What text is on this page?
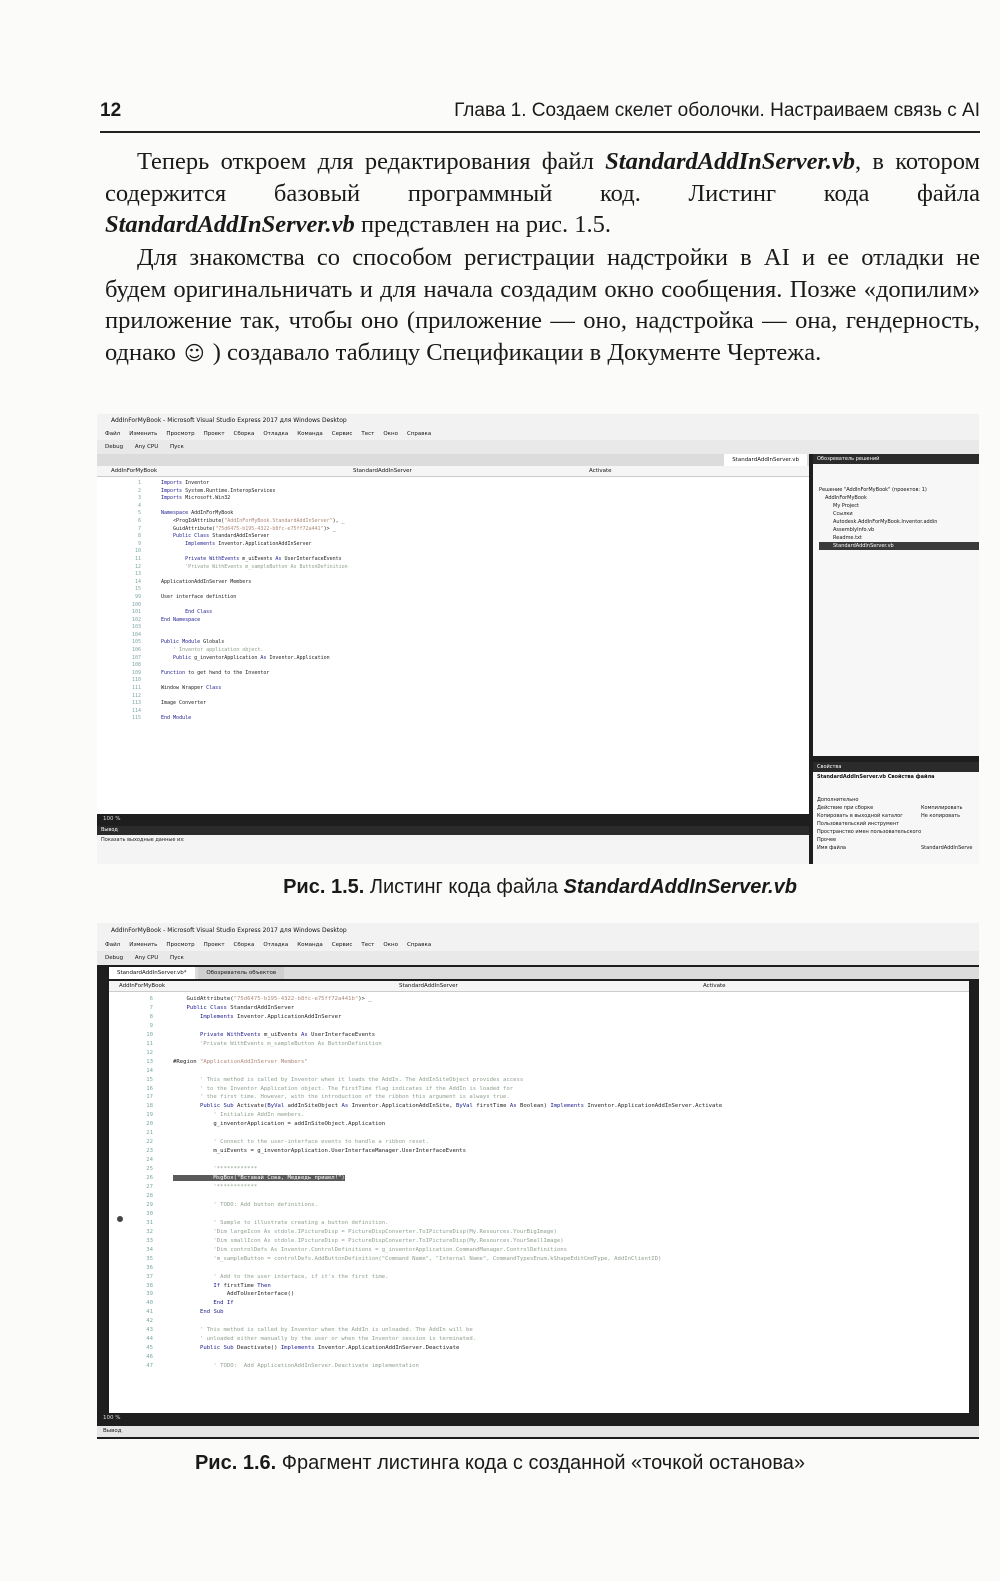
12	Глава 1. Создаем скелет оболочки. Настраиваем связь с AI

Теперь откроем для редактирования файл StandardAddInServer.vb, в котором содержится базовый программный код. Листинг кода файла StandardAddInServer.vb представлен на рис. 1.5.

Для знакомства со способом регистрации надстройки в AI и ее отладки не будем оригинальничать и для начала создадим окно сообщения. Позже «допилим» приложение так, чтобы оно (приложение — оно, надстройка — она, гендерность, однако ☺ ) создавало таблицу Спецификации в Документе Чертежа.

AddInForMyBook - Microsoft Visual Studio Express 2017 для Windows Desktop
Файл Изменить Просмотр Проект Сборка Отладка Команда Сервис Тест Окно Справка
Debug Any CPU Пуск
StandardAddInServer.vb
AddInForMyBook	StandardAddInServer	Activate
1	Imports Inventor
2	Imports System.Runtime.InteropServices
3	Imports Microsoft.Win32
4
5	Namespace AddInForMyBook
6	<ProgIdAttribute("AddInForMyBook.StandardAddInServer"), _
7	GuidAttribute("75d6475-b195-4322-b8fc-e75ff72a441")> _
8	Public Class StandardAddInServer
9	Implements Inventor.ApplicationAddInServer
10
11	Private WithEvents m_uiEvents As UserInterfaceEvents
12	'Private WithEvents m_sampleButton As ButtonDefinition
13
14	ApplicationAddInServer Members
15
99	User interface definition
100
101	End Class
102	End Namespace
103
104
105	Public Module Globals
106	' Inventor application object.
107	Public g_inventorApplication As Inventor.Application
108
109	Function to get hwnd to the Inventor
110
111	Window Wrapper Class
112
113	Image Converter
114
115	End Module
100 %
Вывод
Показать выходные данные из:
Обозреватель решений
Решение "AddInForMyBook" (проектов: 1)
AddInForMyBook
My Project
Ссылки
Autodesk.AddInForMyBook.Inventor.addin
AssemblyInfo.vb
Readme.txt
StandardAddInServer.vb
Свойства
StandardAddInServer.vb Свойства файла
Дополнительно
Действие при сборке	Компилировать
Копировать в выходной каталог	Не копировать
Пользовательский инструмент
Пространство имен пользовательского
Прочее
Имя файла	StandardAddInServe
Рис. 1.5. Листинг кода файла StandardAddInServer.vb
AddInForMyBook - Microsoft Visual Studio Express 2017 для Windows Desktop
Файл Изменить Просмотр Проект Сборка Отладка Команда Сервис Тест Окно Справка
Debug Any CPU Пуск
StandardAddInServer.vb*	Обозреватель объектов
AddInForMyBook	StandardAddInServer	Activate
6	GuidAttribute("75d6475-b195-4322-b8fc-e75ff72a441b")> _
7	Public Class StandardAddInServer
8	Implements Inventor.ApplicationAddInServer
9
10	Private WithEvents m_uiEvents As UserInterfaceEvents
11	'Private WithEvents m_sampleButton As ButtonDefinition
12
13	#Region "ApplicationAddInServer Members"
14
15	' This method is called by Inventor when it loads the AddIn. The AddInSiteObject provides access
16	' to the Inventor Application object. The FirstTime flag indicates if the AddIn is loaded for
17	' the first time. However, with the introduction of the ribbon this argument is always true.
18	Public Sub Activate(ByVal addInSiteObject As Inventor.ApplicationAddInSite, ByVal firstTime As Boolean) Implements Inventor.ApplicationAddInServer.Activate
19	' Initialize AddIn members.
20	g_inventorApplication = addInSiteObject.Application
21
22	' Connect to the user-interface events to handle a ribbon reset.
23	m_uiEvents = g_inventorApplication.UserInterfaceManager.UserInterfaceEvents
24
25	'************
26	MsgBox("Вставай Сова, Медведь пришел!")
27	'************
28
29	' TODO: Add button definitions.
30
31	' Sample to illustrate creating a button definition.
32	'Dim largeIcon As stdole.IPictureDisp = PictureDispConverter.ToIPictureDisp(My.Resources.YourBigImage)
33	'Dim smallIcon As stdole.IPictureDisp = PictureDispConverter.ToIPictureDisp(My.Resources.YourSmallImage)
34	'Dim controlDefs As Inventor.ControlDefinitions = g_inventorApplication.CommandManager.ControlDefinitions
35	'm_sampleButton = controlDefs.AddButtonDefinition("Command Name", "Internal Name", CommandTypesEnum.kShapeEditCmdType, AddInClientID)
36
37	' Add to the user interface, if it's the first time.
38	If firstTime Then
39	AddToUserInterface()
40	End If
41	End Sub
42
43	' This method is called by Inventor when the AddIn is unloaded. The AddIn will be
44	' unloaded either manually by the user or when the Inventor session is terminated.
45	Public Sub Deactivate() Implements Inventor.ApplicationAddInServer.Deactivate
46
47	' TODO:  Add ApplicationAddInServer.Deactivate implementation
100 %
Вывод
Рис. 1.6. Фрагмент листинга кода с созданной «точкой останова»
